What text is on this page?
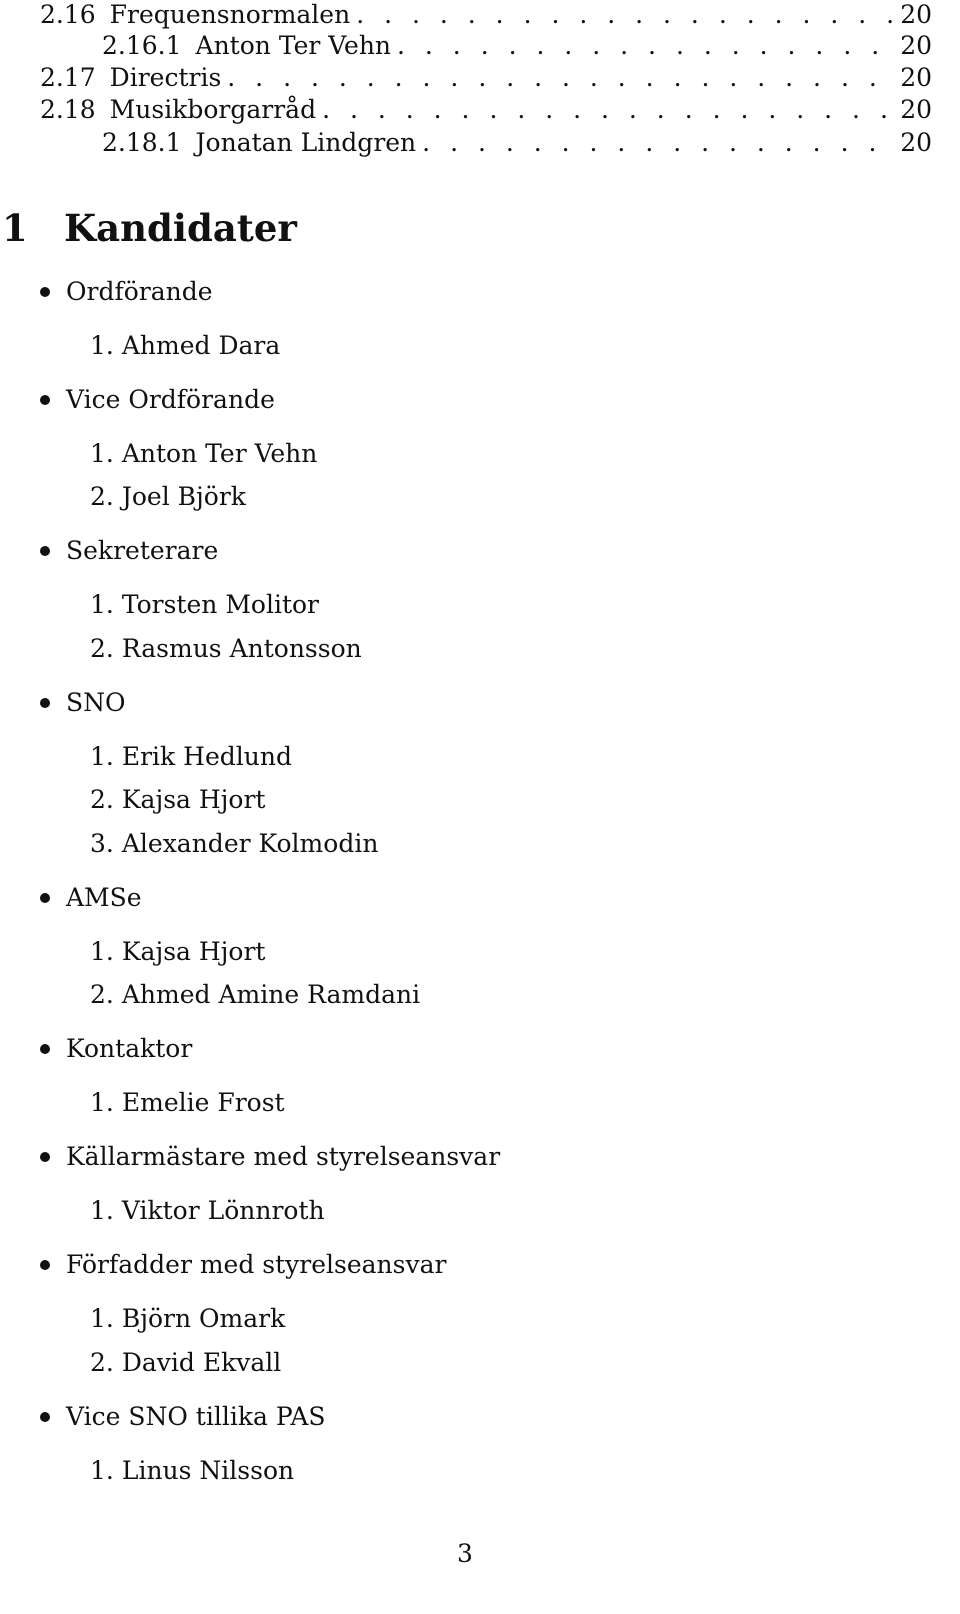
2.16 Frequensnormalen . . .	20
2.16.1 Anton Ter Vehn . . .	20
2.17 Directris . . .	20
2.18 Musikborgarråd . . .	20
2.18.1 Jonatan Lindgren . . .	20
1 Kandidater
Ordförande
1. Ahmed Dara
Vice Ordförande
1. Anton Ter Vehn
2. Joel Björk
Sekreterare
1. Torsten Molitor
2. Rasmus Antonsson
SNO
1. Erik Hedlund
2. Kajsa Hjort
3. Alexander Kolmodin
AMSe
1. Kajsa Hjort
2. Ahmed Amine Ramdani
Kontaktor
1. Emelie Frost
Källarmästare med styrelseansvar
1. Viktor Lönnroth
Förfadder med styrelseansvar
1. Björn Omark
2. David Ekvall
Vice SNO tillika PAS
1. Linus Nilsson
3
